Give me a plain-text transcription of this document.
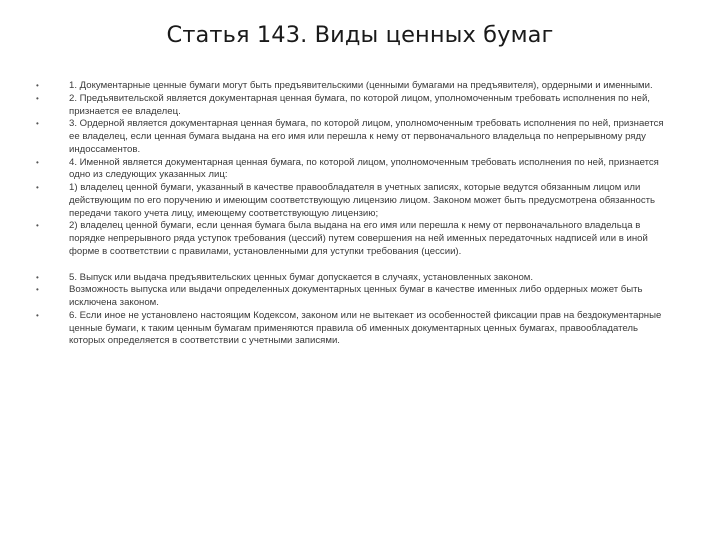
Статья 143. Виды ценных бумаг
•	1. Документарные ценные бумаги могут быть предъявительскими (ценными бумагами на предъявителя), ордерными и именными.
•	2. Предъявительской является документарная ценная бумага, по которой лицом, уполномоченным требовать исполнения по ней, признается ее владелец.
•	3. Ордерной является документарная ценная бумага, по которой лицом, уполномоченным требовать исполнения по ней, признается ее владелец, если ценная бумага выдана на его имя или перешла к нему от первоначального владельца по непрерывному ряду индоссаментов.
•	4. Именной является документарная ценная бумага, по которой лицом, уполномоченным требовать исполнения по ней, признается одно из следующих указанных лиц:
•	1) владелец ценной бумаги, указанный в качестве правообладателя в учетных записях, которые ведутся обязанным лицом или действующим по его поручению и имеющим соответствующую лицензию лицом. Законом может быть предусмотрена обязанность передачи такого учета лицу, имеющему соответствующую лицензию;
•	2) владелец ценной бумаги, если ценная бумага была выдана на его имя или перешла к нему от первоначального владельца в порядке непрерывного ряда уступок требования (цессий) путем совершения на ней именных передаточных надписей или в иной форме в соответствии с правилами, установленными для уступки требования (цессии).
•	5. Выпуск или выдача предъявительских ценных бумаг допускается в случаях, установленных законом.
•	Возможность выпуска или выдачи определенных документарных ценных бумаг в качестве именных либо ордерных может быть исключена законом.
•	6. Если иное не установлено настоящим Кодексом, законом или не вытекает из особенностей фиксации прав на бездокументарные ценные бумаги, к таким ценным бумагам применяются правила об именных документарных ценных бумагах, правообладатель которых определяется в соответствии с учетными записями.
